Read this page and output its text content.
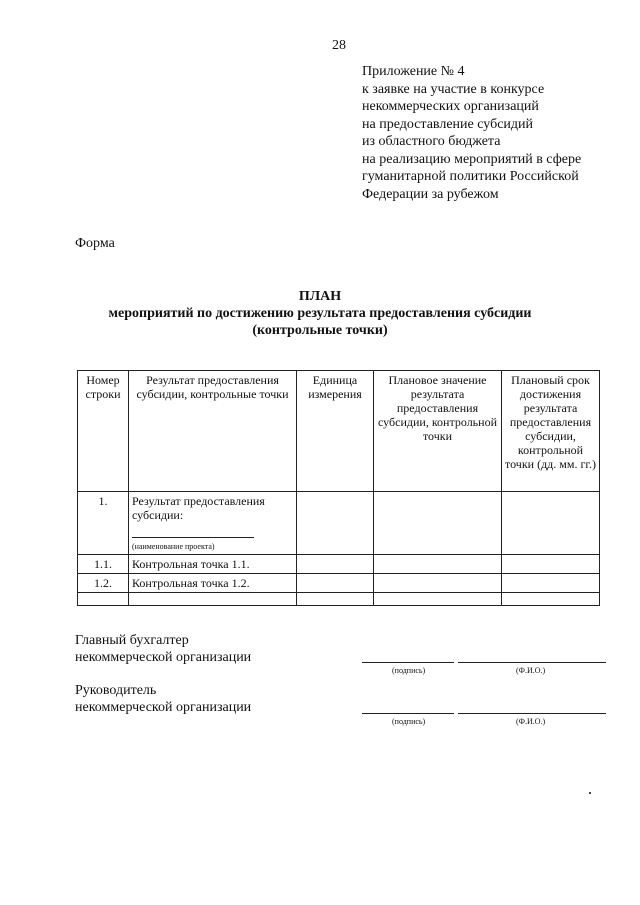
28
Приложение № 4
к заявке на участие в конкурсе
некоммерческих организаций
на предоставление субсидий
из областного бюджета
на реализацию мероприятий в сфере
гуманитарной политики Российской
Федерации за рубежом
Форма
ПЛАН
мероприятий по достижению результата предоставления субсидии
(контрольные точки)
Номер строки	Результат предоставления субсидии, контрольные точки	Единица измерения	Плановое значение результата предоставления субсидии, контрольной точки	Плановый срок достижения результата предоставления субсидии, контрольной точки (дд. мм. гг.)
1.	Результат предоставления субсидии:
(наименование проекта)			
1.1.	Контрольная точка 1.1.			
1.2.	Контрольная точка 1.2.			

Главный бухгалтер
некоммерческой организации
(подпись)	(Ф.И.О.)
Руководитель
некоммерческой организации
(подпись)	(Ф.И.О.)
